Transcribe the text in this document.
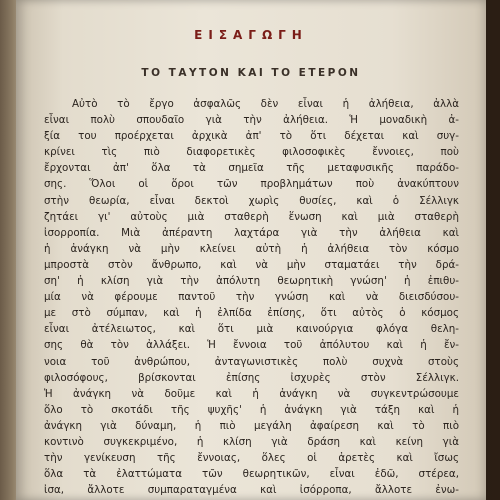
ΕΙΣΑΓΩΓΗ
ΤΟ ΤΑΥΤΟΝ ΚΑΙ ΤΟ ΕΤΕΡΟΝ
Αὐτὸ τὸ ἔργο ἀσφαλῶς δὲν εἶναι ἡ ἀλήθεια, ἀλλὰ
εἶναι πολὺ σπουδαῖο γιὰ τὴν ἀλήθεια. Ἡ μοναδικὴ ἀ-
ξία του προέρχεται ἀρχικὰ ἀπ' τὸ ὅτι δέχεται καὶ συγ-
κρίνει τὶς πιὸ διαφορετικὲς φιλοσοφικὲς ἔννοιες, ποὺ
ἔρχονται ἀπ' ὅλα τὰ σημεῖα τῆς μεταφυσικῆς παράδο-
σης. Ὅλοι οἱ ὅροι τῶν προβλημάτων ποὺ ἀνακύπτουν
στὴν θεωρία, εἶναι δεκτοὶ χωρὶς θυσίες, καὶ ὁ Σέλλιγκ
ζητάει γι' αὐτοὺς μιὰ σταθερὴ ἕνωση καὶ μιὰ σταθερὴ
ἰσορροπία. Μιὰ ἀπέραντη λαχτάρα γιὰ τὴν ἀλήθεια καὶ
ἡ ἀνάγκη νὰ μὴν κλείνει αὐτὴ ἡ ἀλήθεια τὸν κόσμο
μπροστὰ στὸν ἄνθρωπο, καὶ νὰ μὴν σταματάει τὴν δρά-
ση' ἡ κλίση γιὰ τὴν ἀπόλυτη θεωρητικὴ γνώση' ἡ ἐπιθυ-
μία νὰ φέρουμε παντοῦ τὴν γνώση καὶ νὰ διεισδύσου-
με στὸ σύμπαν, καὶ ἡ ἐλπίδα ἐπίσης, ὅτι αὐτὸς ὁ κόσμος
εἶναι ἀτέλειωτος, καὶ ὅτι μιὰ καινούργια φλόγα θελη-
σης θὰ τὸν ἀλλάξει. Ἡ ἔννοια τοῦ ἀπόλυτου καὶ ἡ ἔν-
νοια τοῦ ἀνθρώπου, ἀνταγωνιστικὲς πολὺ συχνὰ στοὺς
φιλοσόφους, βρίσκονται ἐπίσης ἰσχυρὲς στὸν Σέλλιγκ.
Ἡ ἀνάγκη νὰ δοῦμε καὶ ἡ ἀνάγκη νὰ συγκεντρώσουμε
ὅλο τὸ σκοτάδι τῆς ψυχῆς' ἡ ἀνάγκη γιὰ τάξη καὶ ἡ
ἀνάγκη γιὰ δύναμη, ἡ πιὸ μεγάλη ἀφαίρεση καὶ τὸ πιὸ
κοντινὸ συγκεκριμένο, ἡ κλίση γιὰ δράση καὶ κείνη γιὰ
τὴν γενίκευση τῆς ἔννοιας, ὅλες οἱ ἀρετὲς καὶ ἴσως
ὅλα τὰ ἐλαττώματα τῶν θεωρητικῶν, εἶναι ἐδῶ, στέρεα,
ἰσα, ἄλλοτε συμπαραταγμένα καὶ ἰσόρροπα, ἄλλοτε ἐνω-
